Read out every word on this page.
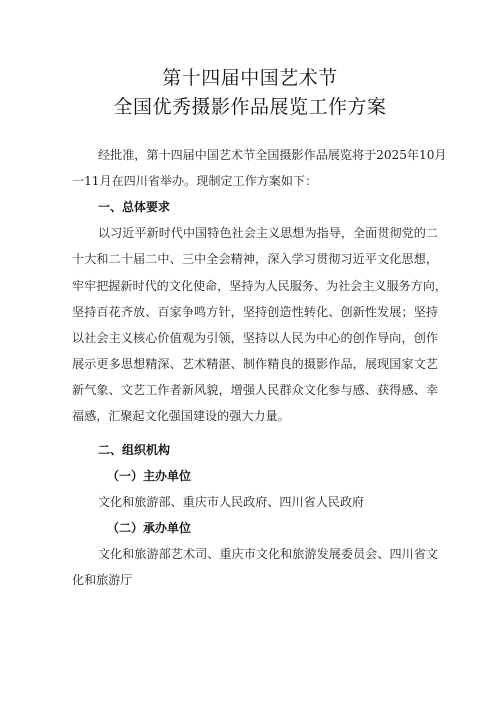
第十四届中国艺术节
全国优秀摄影作品展览工作方案
经批准，第十四届中国艺术节全国摄影作品展览将于2025年10月
一11月在四川省举办。现制定工作方案如下：
一、总体要求
以习近平新时代中国特色社会主义思想为指导，全面贯彻党的二
十大和二十届二中、三中全会精神，深入学习贯彻习近平文化思想，
牢牢把握新时代的文化使命，坚持为人民服务、为社会主义服务方向，
坚持百花齐放、百家争鸣方针，坚持创造性转化、创新性发展；坚持
以社会主义核心价值观为引领，坚持以人民为中心的创作导向，创作
展示更多思想精深、艺术精湛、制作精良的摄影作品，展现国家文艺
新气象、文艺工作者新风貌，增强人民群众文化参与感、获得感、幸
福感，汇聚起文化强国建设的强大力量。
二、组织机构
（一）主办单位
文化和旅游部、重庆市人民政府、四川省人民政府
（二）承办单位
文化和旅游部艺术司、重庆市文化和旅游发展委员会、四川省文
化和旅游厅
